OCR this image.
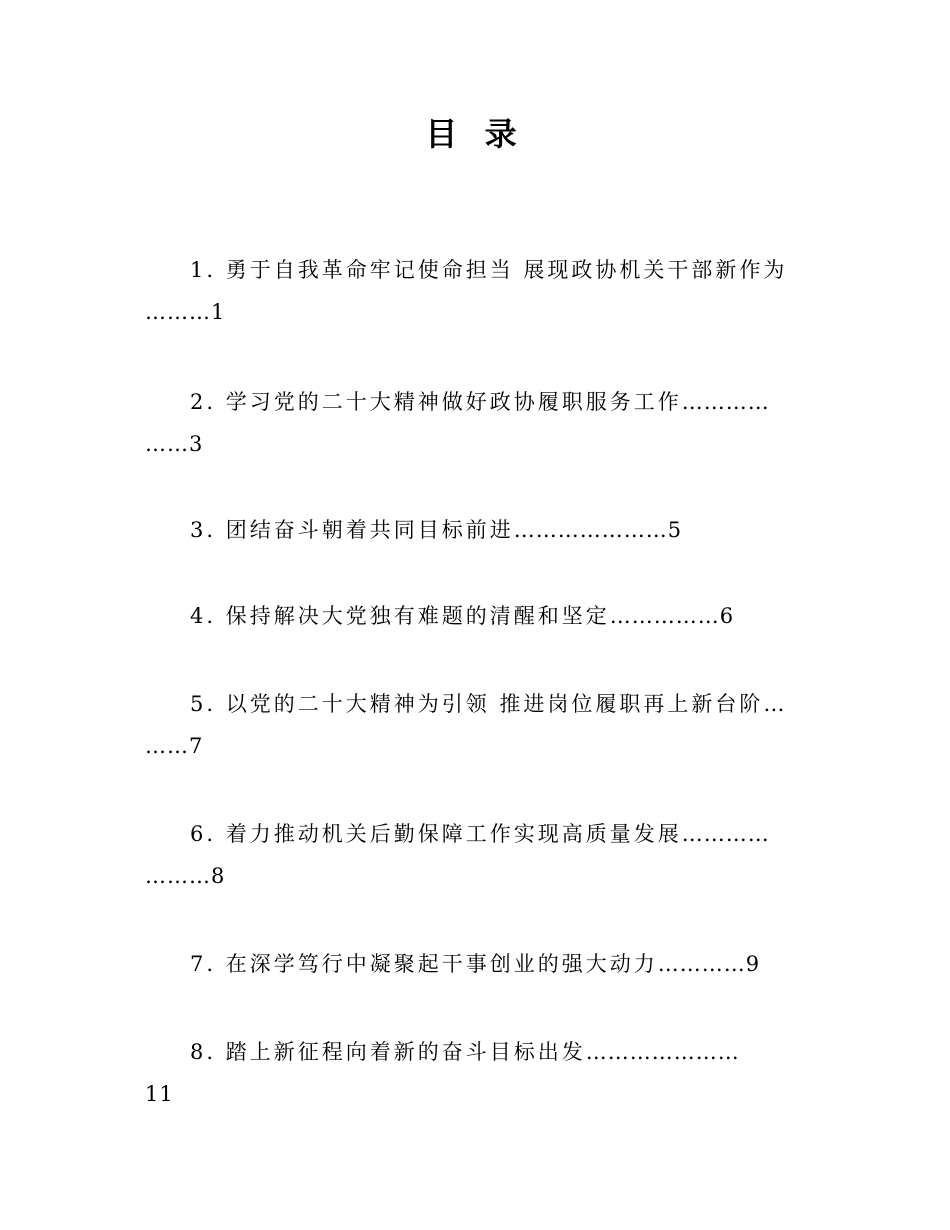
目 录
1. 勇于自我革命牢记使命担当 展现政协机关干部新作为
………1
2. 学习党的二十大精神做好政协履职服务工作…………
……3
3. 团结奋斗朝着共同目标前进…………………5
4. 保持解决大党独有难题的清醒和坚定……………6
5. 以党的二十大精神为引领 推进岗位履职再上新台阶…
……7
6. 着力推动机关后勤保障工作实现高质量发展…………
………8
7. 在深学笃行中凝聚起干事创业的强大动力…………9
8. 踏上新征程向着新的奋斗目标出发…………………
11
